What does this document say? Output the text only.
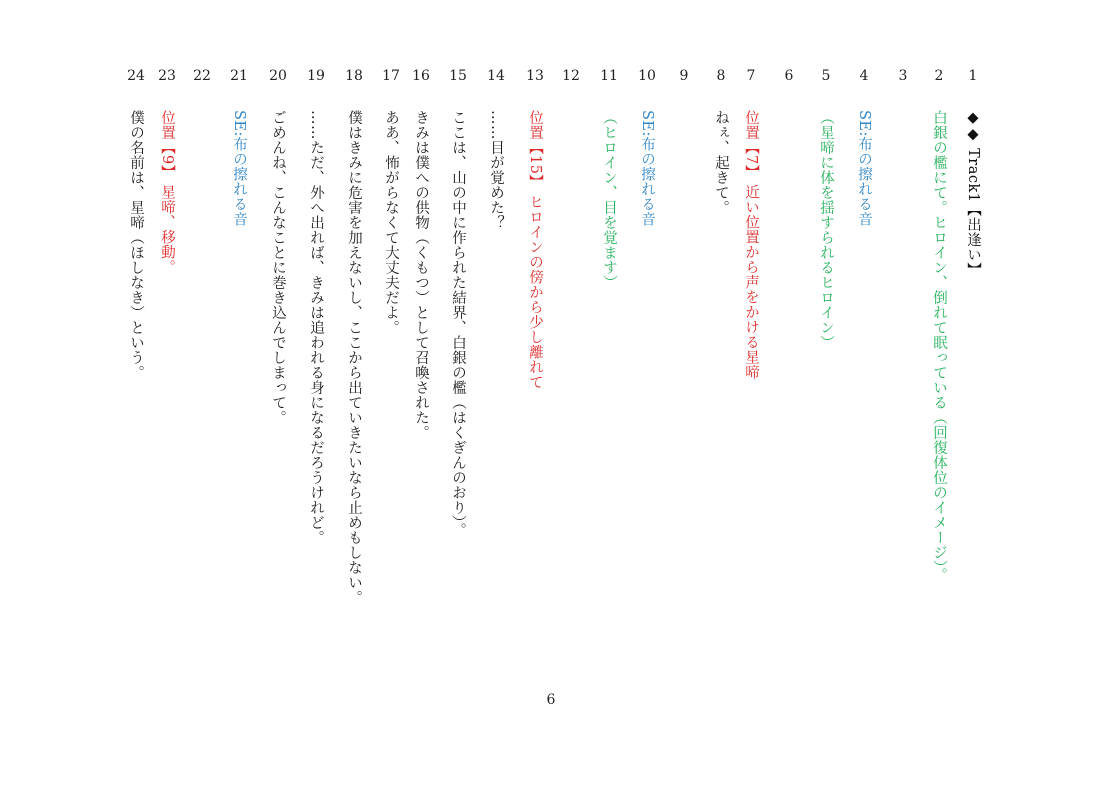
1
2
3
4
5
6
7
8
9
10
11
12
13
14
15
16
17
18
19
20
21
22
23
24
◆◆ Track1【出逢い】
白銀の檻にて。ヒロイン、倒れて眠っている（回復体位のイメージ）。
SE:布の擦れる音
（星啼に体を揺すられるヒロイン）
位置【7】 近い位置から声をかける星啼
ねぇ、起きて。
SE:布の擦れる音
（ヒロイン、目を覚ます）
位置【15】 ヒロインの傍から少し離れて
……目が覚めた？
ここは、山の中に作られた結界、白銀の檻（はくぎんのおり）。
きみは僕への供物（くもつ）として召喚された。
ああ、怖がらなくて大丈夫だよ。
僕はきみに危害を加えないし、ここから出ていきたいなら止めもしない。
……ただ、外へ出れば、きみは追われる身になるだろうけれど。
ごめんね、こんなことに巻き込んでしまって。
SE:布の擦れる音
位置【9】 星啼、移動。
僕の名前は、星啼（ほしなき）という。
6
